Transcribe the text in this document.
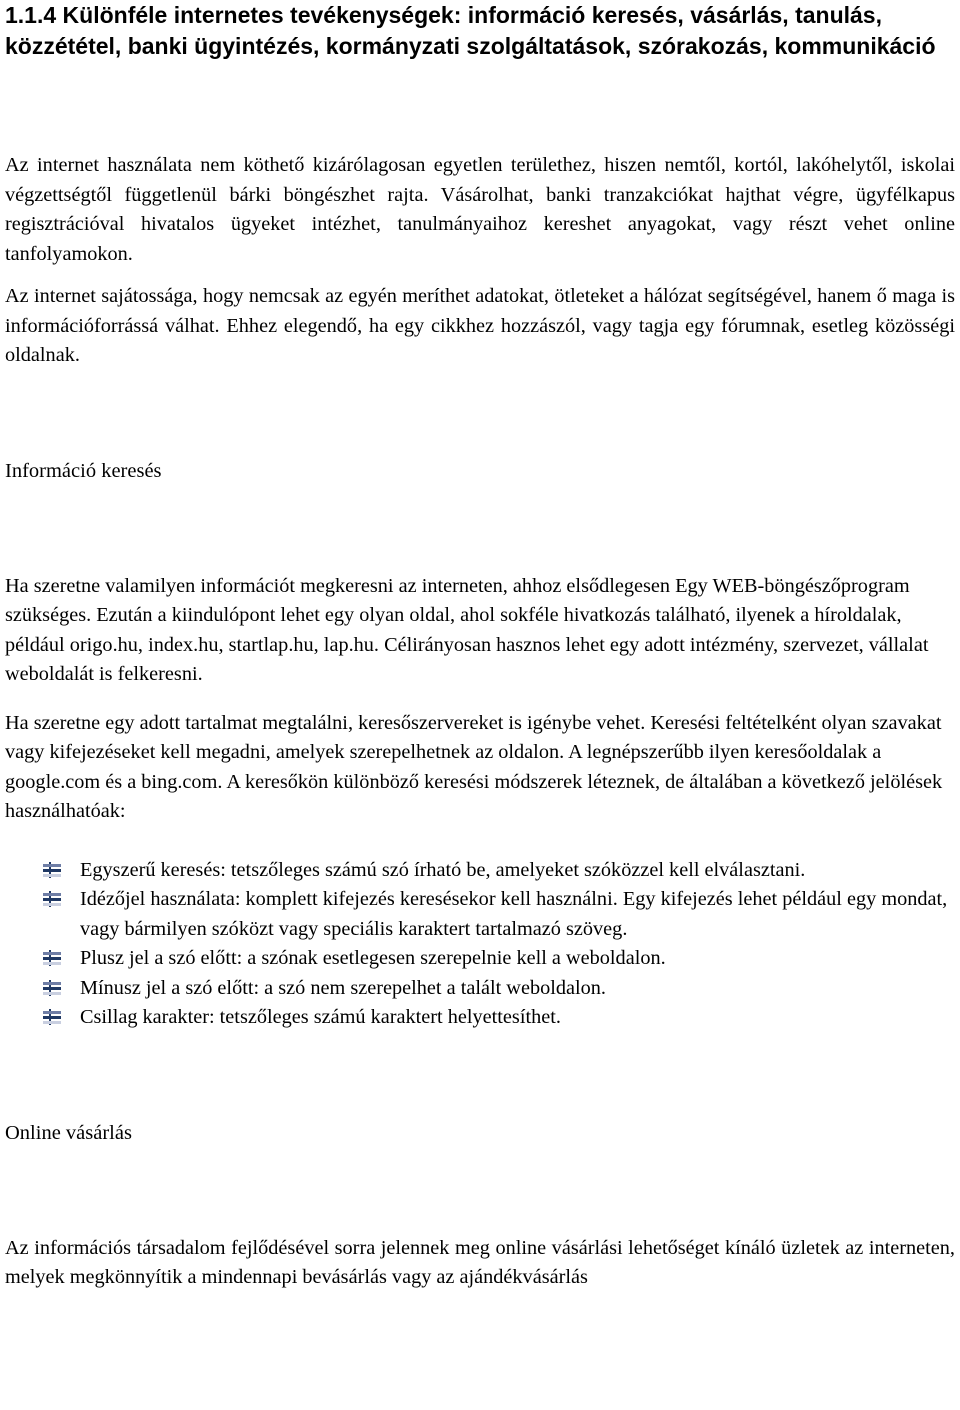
1.1.4 Különféle internetes tevékenységek: információ keresés, vásárlás, tanulás, közzététel, banki ügyintézés, kormányzati szolgáltatások, szórakozás, kommunikáció

Az internet használata nem köthető kizárólagosan egyetlen területhez, hiszen nemtől, kortól, lakóhelytől, iskolai végzettségtől függetlenül bárki böngészhet rajta. Vásárolhat, banki tranzakciókat hajthat végre, ügyfélkapus regisztrációval hivatalos ügyeket intézhet, tanulmányaihoz kereshet anyagokat, vagy részt vehet online tanfolyamokon.

Az internet sajátossága, hogy nemcsak az egyén meríthet adatokat, ötleteket a hálózat segítségével, hanem ő maga is információforrássá válhat. Ehhez elegendő, ha egy cikkhez hozzászól, vagy tagja egy fórumnak, esetleg közösségi oldalnak.

Információ keresés

Ha szeretne valamilyen információt megkeresni az interneten, ahhoz elsődlegesen Egy WEB-böngészőprogram szükséges. Ezután a kiindulópont lehet egy olyan oldal, ahol sokféle hivatkozás található, ilyenek a híroldalak, például origo.hu, index.hu, startlap.hu, lap.hu. Célirányosan hasznos lehet egy adott intézmény, szervezet, vállalat weboldalát is felkeresni.

Ha szeretne egy adott tartalmat megtalálni, keresőszervereket is igénybe vehet. Keresési feltételként olyan szavakat vagy kifejezéseket kell megadni, amelyek szerepelhetnek az oldalon. A legnépszerűbb ilyen keresőoldalak a google.com és a bing.com. A keresőkön különböző keresési módszerek léteznek, de általában a következő jelölések használhatóak:

Egyszerű keresés: tetszőleges számú szó írható be, amelyeket szóközzel kell elválasztani.
Idézőjel használata: komplett kifejezés keresésekor kell használni. Egy kifejezés lehet például egy mondat, vagy bármilyen szóközt vagy speciális karaktert tartalmazó szöveg.
Plusz jel a szó előtt: a szónak esetlegesen szerepelnie kell a weboldalon.
Mínusz jel a szó előtt: a szó nem szerepelhet a talált weboldalon.
Csillag karakter: tetszőleges számú karaktert helyettesíthet.

Online vásárlás

Az információs társadalom fejlődésével sorra jelennek meg online vásárlási lehetőséget kínáló üzletek az interneten, melyek megkönnyítik a mindennapi bevásárlás vagy az ajándékvásárlás
